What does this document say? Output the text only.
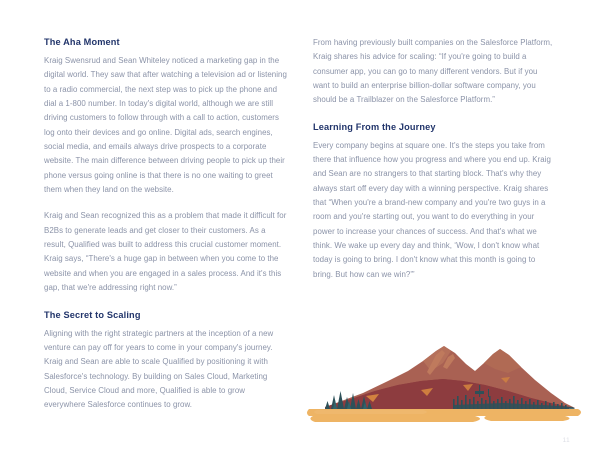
The Aha Moment

Kraig Swensrud and Sean Whiteley noticed a marketing gap in the digital world. They saw that after watching a television ad or listening to a radio commercial, the next step was to pick up the phone and dial a 1-800 number. In today's digital world, although we are still driving customers to follow through with a call to action, customers log onto their devices and go online. Digital ads, search engines, social media, and emails always drive prospects to a corporate website. The main difference between driving people to pick up their phone versus going online is that there is no one waiting to greet them when they land on the website.

Kraig and Sean recognized this as a problem that made it difficult for B2Bs to generate leads and get closer to their customers. As a result, Qualified was built to address this crucial customer moment. Kraig says, “There's a huge gap in between when you come to the website and when you are engaged in a sales process. And it's this gap, that we're addressing right now.”

The Secret to Scaling

Aligning with the right strategic partners at the inception of a new venture can pay off for years to come in your company's journey. Kraig and Sean are able to scale Qualified by positioning it with Salesforce's technology. By building on Sales Cloud, Marketing Cloud, Service Cloud and more, Qualified is able to grow everywhere Salesforce continues to grow.

From having previously built companies on the Salesforce Platform, Kraig shares his advice for scaling: “If you're going to build a consumer app, you can go to many different vendors. But if you want to build an enterprise billion-dollar software company, you should be a Trailblazer on the Salesforce Platform.”

Learning From the Journey

Every company begins at square one. It's the steps you take from there that influence how you progress and where you end up. Kraig and Sean are no strangers to that starting block. That's why they always start off every day with a winning perspective. Kraig shares that “When you're a brand-new company and you're two guys in a room and you're starting out, you want to do everything in your power to increase your chances of success. And that's what we think. We wake up every day and think, ‘Wow, I don't know what today is going to bring. I don't know what this month is going to bring. But how can we win?'”

11
